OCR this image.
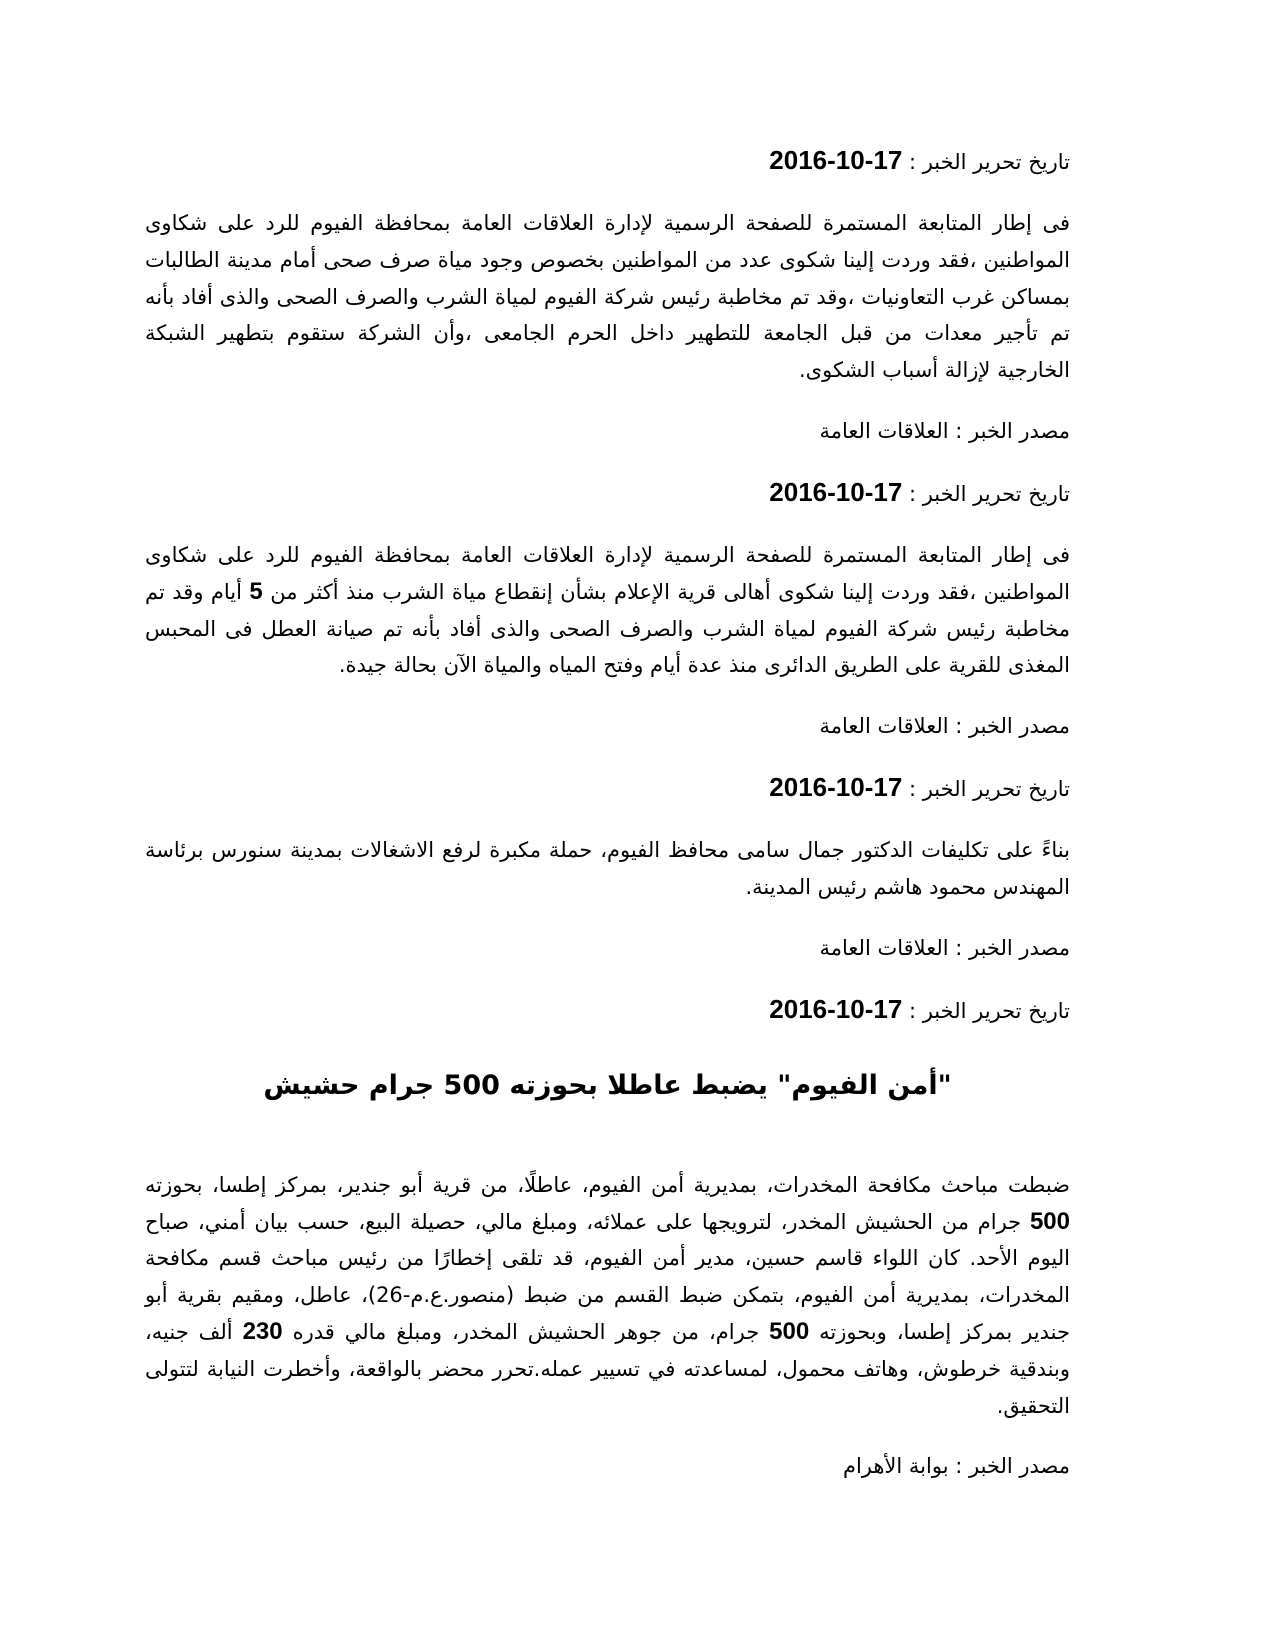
تاريخ تحرير الخبر : 2016-10-17

فى إطار المتابعة المستمرة للصفحة الرسمية لإدارة العلاقات العامة بمحافظة الفيوم للرد على شكاوى المواطنين ،فقد وردت إلينا شكوى عدد من المواطنين بخصوص وجود مياة صرف صحى أمام مدينة الطالبات بمساكن غرب التعاونيات ،وقد تم مخاطبة رئيس شركة الفيوم لمياة الشرب والصرف الصحى والذى أفاد بأنه تم تأجير معدات من قبل الجامعة للتطهير داخل الحرم الجامعى ،وأن الشركة ستقوم بتطهير الشبكة الخارجية لإزالة أسباب الشكوى.

مصدر الخبر : العلاقات العامة
تاريخ تحرير الخبر : 2016-10-17

فى إطار المتابعة المستمرة للصفحة الرسمية لإدارة العلاقات العامة بمحافظة الفيوم للرد على شكاوى المواطنين ،فقد وردت إلينا شكوى أهالى قرية الإعلام بشأن إنقطاع مياة الشرب منذ أكثر من 5 أيام وقد تم مخاطبة رئيس شركة الفيوم لمياة الشرب والصرف الصحى والذى أفاد بأنه تم صيانة العطل فى المحبس المغذى للقرية على الطريق الدائرى منذ عدة أيام وفتح المياه والمياة الآن بحالة جيدة.

مصدر الخبر : العلاقات العامة
تاريخ تحرير الخبر : 2016-10-17

بناءً على تكليفات الدكتور جمال سامى محافظ الفيوم، حملة مكبرة لرفع الاشغالات بمدينة سنورس برئاسة المهندس محمود هاشم رئيس المدينة.

مصدر الخبر : العلاقات العامة
تاريخ تحرير الخبر : 2016-10-17
"أمن الفيوم" يضبط عاطلا بحوزته 500 جرام حشيش

ضبطت مباحث مكافحة المخدرات، بمديرية أمن الفيوم، عاطلًا، من قرية أبو جندير، بمركز إطسا، بحوزته 500 جرام من الحشيش المخدر، لترويجها على عملائه، ومبلغ مالي، حصيلة البيع، حسب بيان أمني، صباح اليوم الأحد. كان اللواء قاسم حسين، مدير أمن الفيوم، قد تلقى إخطارًا من رئيس مباحث قسم مكافحة المخدرات، بمديرية أمن الفيوم، بتمكن ضبط القسم من ضبط (منصور.ع.م-26)، عاطل، ومقيم بقرية أبو جندير بمركز إطسا، وبحوزته 500 جرام، من جوهر الحشيش المخدر، ومبلغ مالي قدره 230 ألف جنيه، وبندقية خرطوش، وهاتف محمول، لمساعدته في تسيير عمله.تحرر محضر بالواقعة، وأخطرت النيابة لتتولى التحقيق.

مصدر الخبر : بوابة الأهرام
